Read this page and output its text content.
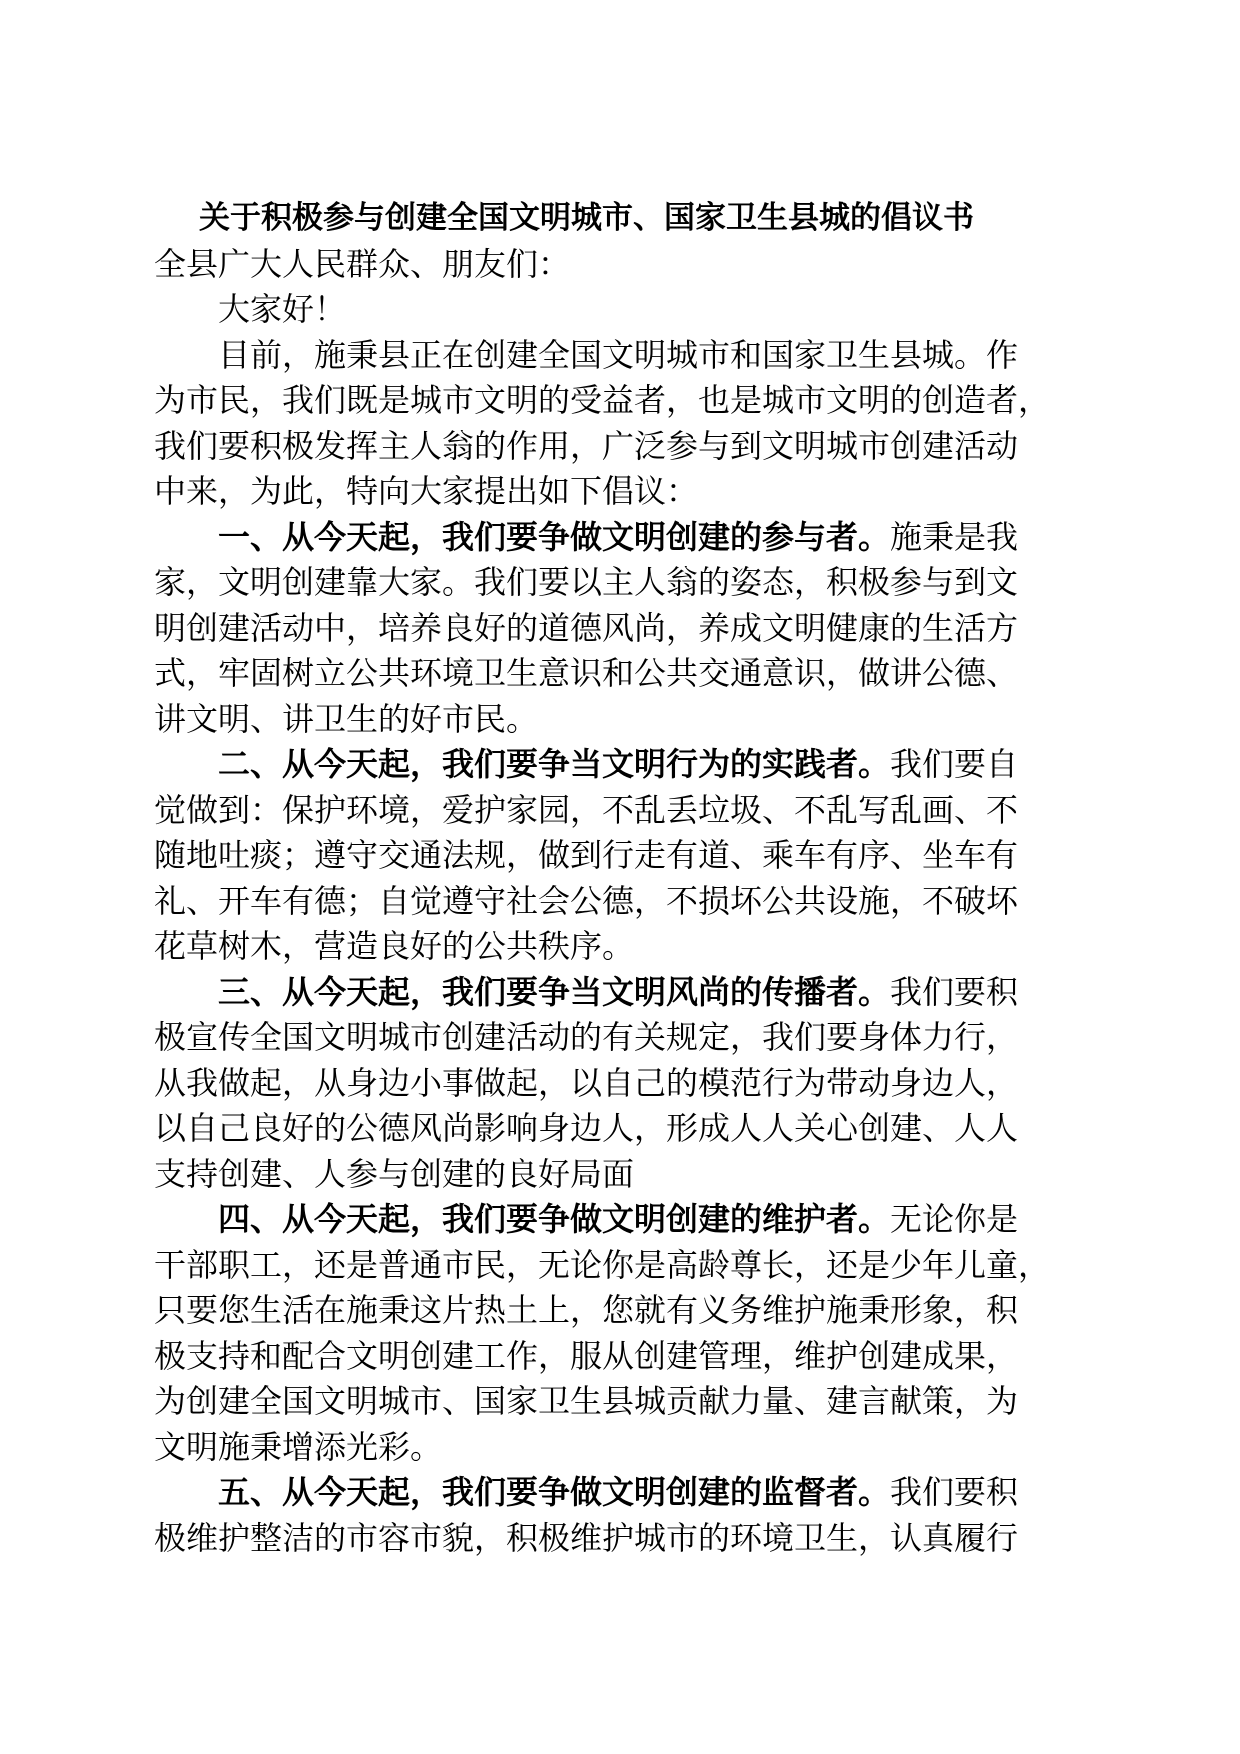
关于积极参与创建全国文明城市、国家卫生县城的倡议书

全县广大人民群众、朋友们：

大家好！

目前，施秉县正在创建全国文明城市和国家卫生县城。作
为市民，我们既是城市文明的受益者，也是城市文明的创造者，
我们要积极发挥主人翁的作用，广泛参与到文明城市创建活动
中来，为此，特向大家提出如下倡议：

一、从今天起，我们要争做文明创建的参与者。施秉是我
家，文明创建靠大家。我们要以主人翁的姿态，积极参与到文
明创建活动中，培养良好的道德风尚，养成文明健康的生活方
式，牢固树立公共环境卫生意识和公共交通意识，做讲公德、
讲文明、讲卫生的好市民。

二、从今天起，我们要争当文明行为的实践者。我们要自
觉做到：保护环境，爱护家园，不乱丢垃圾、不乱写乱画、不
随地吐痰；遵守交通法规，做到行走有道、乘车有序、坐车有
礼、开车有德；自觉遵守社会公德，不损坏公共设施，不破坏
花草树木，营造良好的公共秩序。

三、从今天起，我们要争当文明风尚的传播者。我们要积
极宣传全国文明城市创建活动的有关规定，我们要身体力行，
从我做起，从身边小事做起，以自己的模范行为带动身边人，
以自己良好的公德风尚影响身边人，形成人人关心创建、人人
支持创建、人参与创建的良好局面

四、从今天起，我们要争做文明创建的维护者。无论你是
干部职工，还是普通市民，无论你是高龄尊长，还是少年儿童，
只要您生活在施秉这片热土上，您就有义务维护施秉形象，积
极支持和配合文明创建工作，服从创建管理，维护创建成果，
为创建全国文明城市、国家卫生县城贡献力量、建言献策，为
文明施秉增添光彩。

五、从今天起，我们要争做文明创建的监督者。我们要积
极维护整洁的市容市貌，积极维护城市的环境卫生，认真履行
